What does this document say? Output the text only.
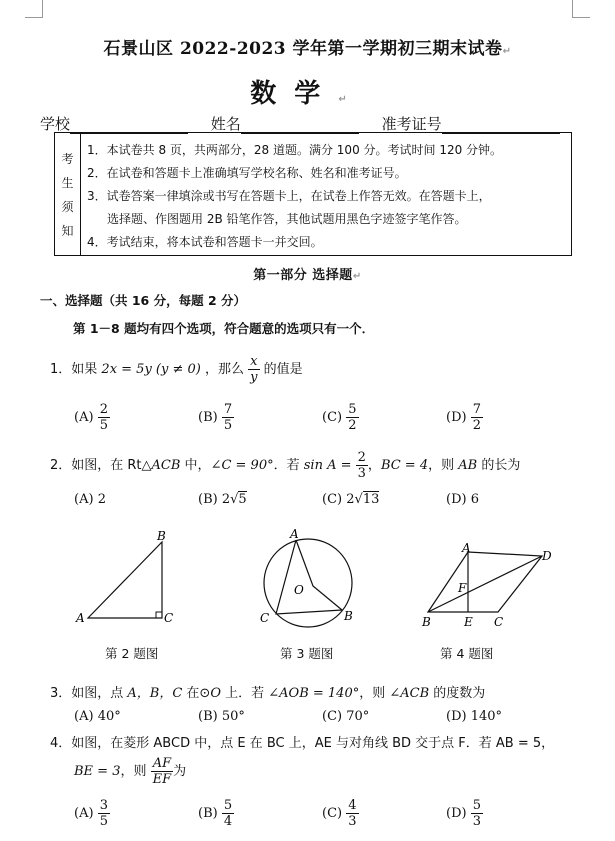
石景山区 2022-2023 学年第一学期初三期末试卷↵
数学↵
学校	姓名	准考证号
考
生
须
知
1．本试卷共 8 页，共两部分，28 道题。满分 100 分。考试时间 120 分钟。
2．在试卷和答题卡上准确填写学校名称、姓名和准考证号。
3．试卷答案一律填涂或书写在答题卡上，在试卷上作答无效。在答题卡上，
选择题、作图题用 2B 铅笔作答，其他试题用黑色字迹签字笔作答。
4．考试结束，将本试卷和答题卡一并交回。
第一部分 选择题↵
一、选择题（共 16 分，每题 2 分）
第 1－8 题均有四个选项，符合题意的选项只有一个．
1．如果 2x = 5y (y ≠ 0) ，那么 $\frac{x}{y}$ 的值是
$(A) \frac{2}{5}$	$(B) \frac{7}{5}$	$(C) \frac{5}{2}$	$(D) \frac{7}{2}$
2．如图，在 Rt△ACB 中，∠C = 90°．若 $\sin A = \frac{2}{3}$ ，BC = 4，则 AB 的长为
(A) 2	(B) 2√5	(C) 2√13	(D) 6
A
B
C
第 2 题图
A
O
B
C
第 3 题图
A
D
F
B	E C
第 4 题图
3．如图，点 A，B，C 在⊙O 上．若 ∠AOB = 140°，则 ∠ACB 的度数为
(A) 40°	(B) 50°	(C) 70°	(D) 140°
4．如图，在菱形 ABCD 中，点 E 在 BC 上，AE 与对角线 BD 交于点 F．若 AB = 5，
BE = 3，则 $\frac{AF}{EF}$ 为
$(A) \frac{3}{5}$	$(B) \frac{5}{4}$	$(C) \frac{4}{3}$	$(D) \frac{5}{3}$
